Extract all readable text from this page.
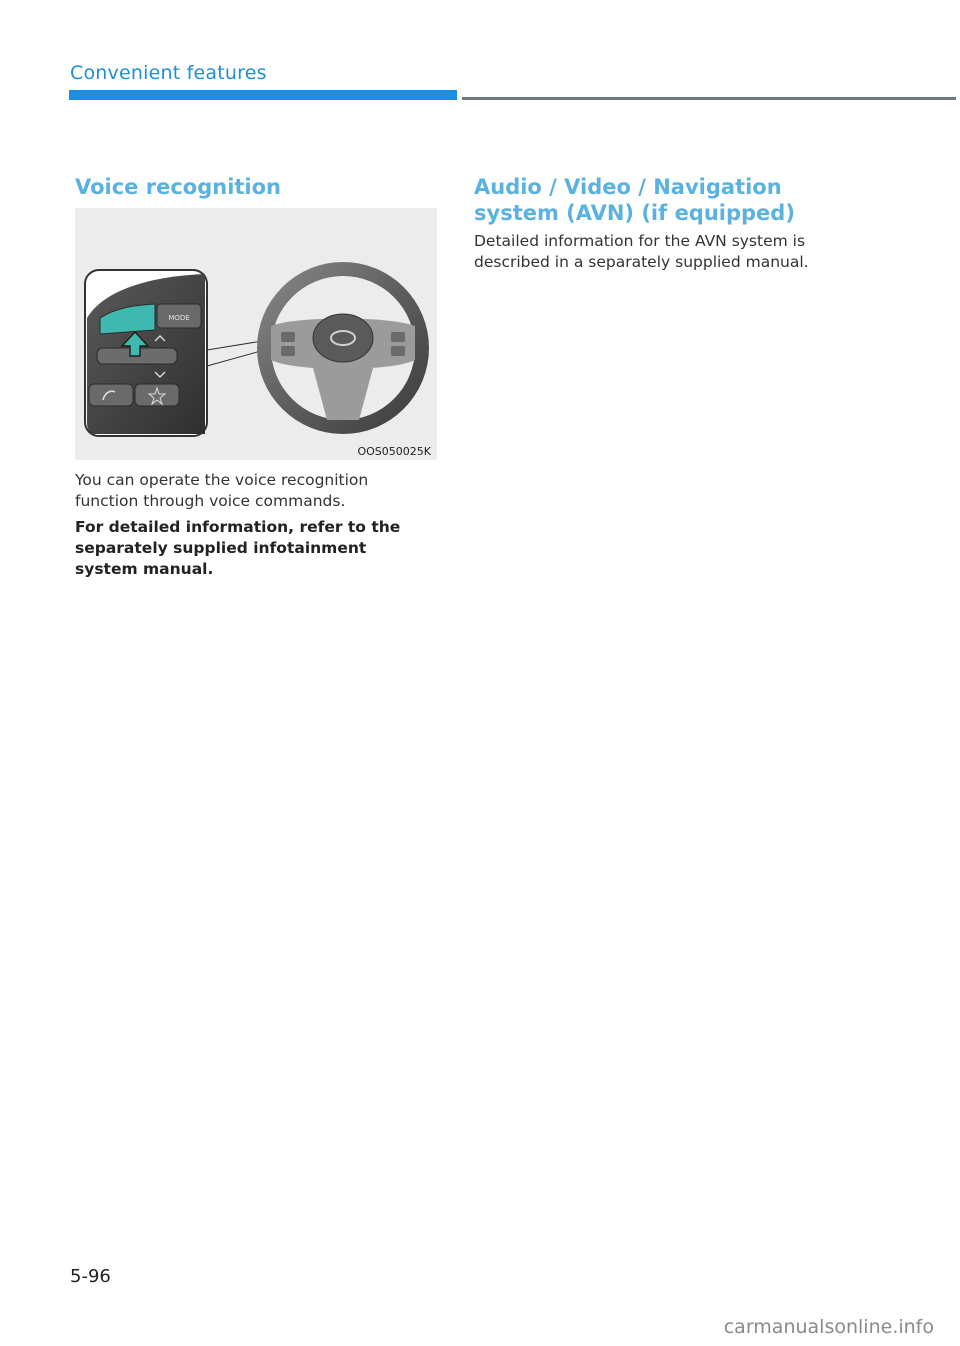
Convenient features
Voice recognition
MODE
OOS050025K
You can operate the voice recognition function through voice commands.
For detailed information, refer to the separately supplied infotainment system manual.
Audio / Video / Navigation system (AVN) (if equipped)
Detailed information for the AVN system is described in a separately supplied manual.
5-96
carmanualsonline.info
